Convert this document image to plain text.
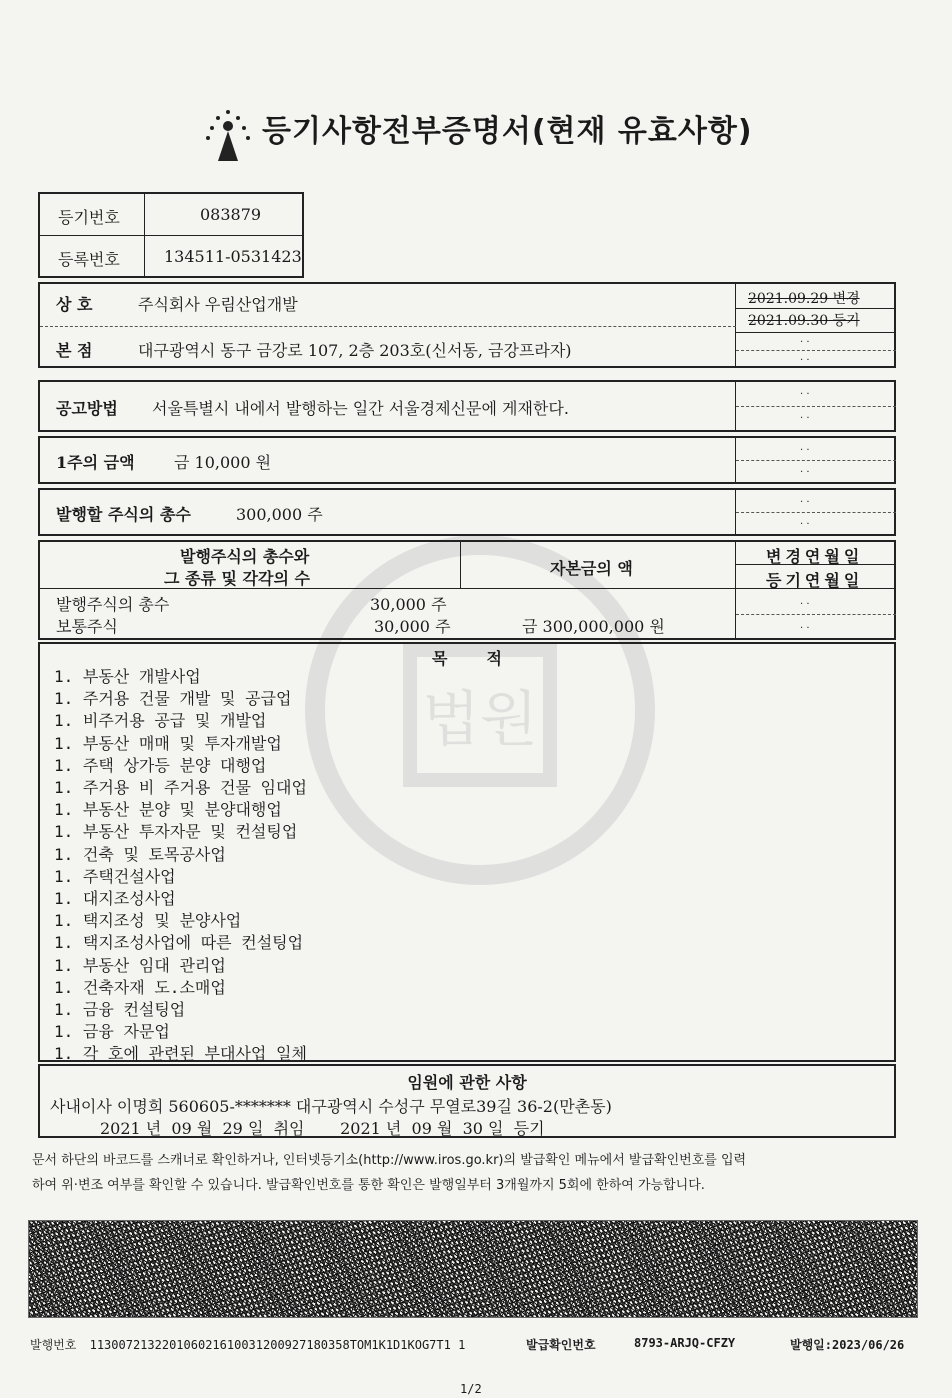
법원
등기사항전부증명서(현재 유효사항)
등기번호	083879
등록번호	134511-0531423
상 호	주식회사 우림산업개발
본 점	대구광역시 동구 금강로 107, 2층 203호(신서동, 금강프라자)
2021.09.29 변경
2021.09.30 등기
. .
. .
공고방법 서울특별시 내에서 발행하는 일간 서울경제신문에 게재한다.
. .
. .
1주의 금액 금 10,000 원
. .
. .
발행할 주식의 총수	300,000 주
. .
. .
발행주식의 총수와
그 종류 및 각각의 수
자본금의 액
변경연월일
등기연월일
발행주식의 총수	30,000 주
보통주식	30,000 주	금 300,000,000 원
. .
. .
목       적
1. 부동산 개발사업
1. 주거용 건물 개발 및 공급업
1. 비주거용 공급 및 개발업
1. 부동산 매매 및 투자개발업
1. 주택 상가등 분양 대행업
1. 주거용 비 주거용 건물 임대업
1. 부동산 분양 및 분양대행업
1. 부동산 투자자문 및 컨설팅업
1. 건축 및 토목공사업
1. 주택건설사업
1. 대지조성사업
1. 택지조성 및 분양사업
1. 택지조성사업에 따른 컨설팅업
1. 부동산 임대 관리업
1. 건축자재 도.소매업
1. 금융 컨설팅업
1. 금융 자문업
1. 각 호에 관련된 부대사업 일체
임원에 관한 사항
사내이사 이명희 560605-******* 대구광역시 수성구 무열로39길 36-2(만촌동)
2021 년  09 월  29 일  취임       2021 년  09 월  30 일  등기
문서 하단의 바코드를 스캐너로 확인하거나, 인터넷등기소(http://www.iros.go.kr)의 발급확인 메뉴에서 발급확인번호를 입력
하여 위·변조 여부를 확인할 수 있습니다. 발급확인번호를 통한 확인은 발행일부터 3개월까지 5회에 한하여 가능합니다.
발행번호 11300721322010602161003120092718035​8TOM1K1D1KOG7T1 1	발급확인번호	8793-ARJQ-CFZY	발행일:2023/06/26
1/2
